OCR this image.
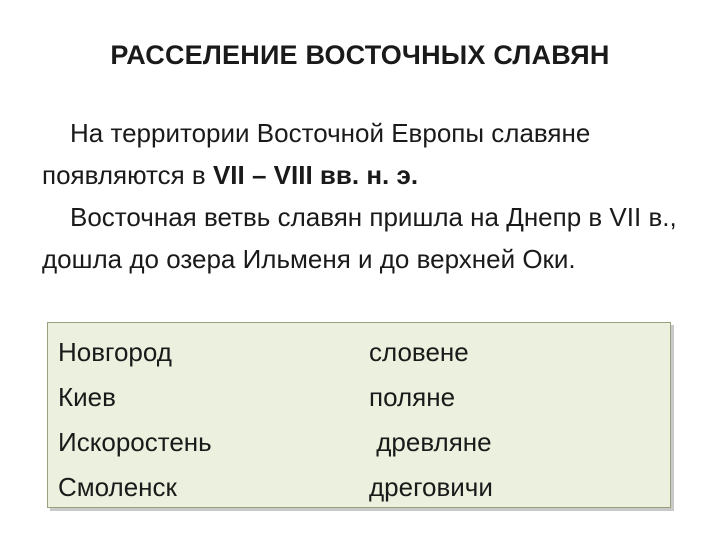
РАССЕЛЕНИЕ ВОСТОЧНЫХ СЛАВЯН

На территории Восточной Европы славяне появляются в VII – VIII вв. н. э.

Восточная ветвь славян пришла на Днепр в VII в., дошла до озера Ильменя и до верхней Оки.

Новгород	словене
Киев	поляне
Искоростень	древляне
Смоленск	дреговичи
